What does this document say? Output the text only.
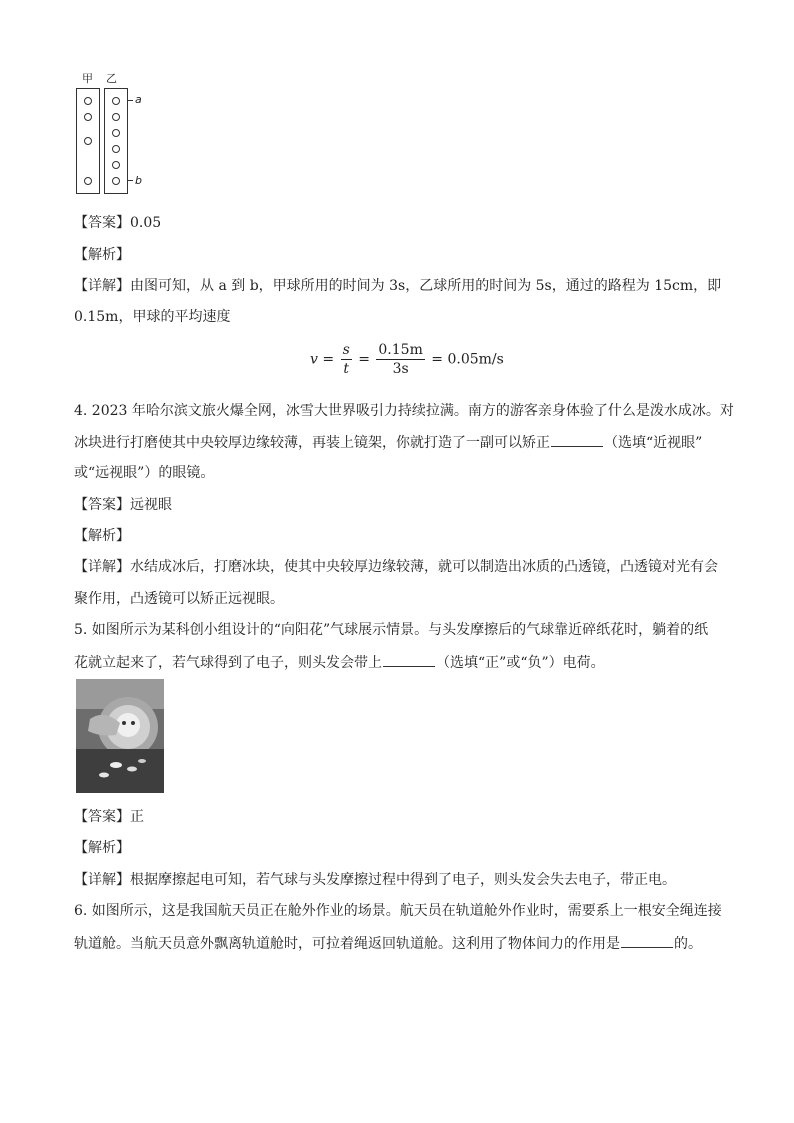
甲 乙
a
b
【答案】0.05
【解析】
【详解】由图可知，从 a 到 b，甲球所用的时间为 3s，乙球所用的时间为 5s，通过的路程为 15cm，即
0.15m，甲球的平均速度
$v = \frac{s}{t} = \frac{0.15m}{3s} = 0.05m/s$
4. 2023 年哈尔滨文旅火爆全网，冰雪大世界吸引力持续拉满。南方的游客亲身体验了什么是泼水成冰。对
冰块进行打磨使其中央较厚边缘较薄，再装上镜架，你就打造了一副可以矫正	（选填“近视眼”
或“远视眼”）的眼镜。
【答案】远视眼
【解析】
【详解】水结成冰后，打磨冰块，使其中央较厚边缘较薄，就可以制造出冰质的凸透镜，凸透镜对光有会
聚作用，凸透镜可以矫正远视眼。
5. 如图所示为某科创小组设计的“向阳花”气球展示情景。与头发摩擦后的气球靠近碎纸花时，躺着的纸
花就立起来了，若气球得到了电子，则头发会带上	（选填“正”或“负”）电荷。
【答案】正
【解析】
【详解】根据摩擦起电可知，若气球与头发摩擦过程中得到了电子，则头发会失去电子，带正电。
6. 如图所示，这是我国航天员正在舱外作业的场景。航天员在轨道舱外作业时，需要系上一根安全绳连接
轨道舱。当航天员意外飘离轨道舱时，可拉着绳返回轨道舱。这利用了物体间力的作用是	的。
